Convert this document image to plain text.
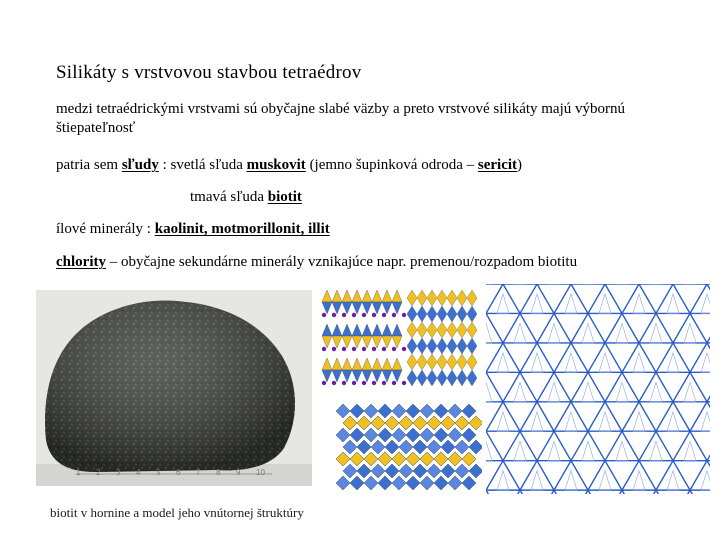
Silikáty s vrstvovou stavbou tetraédrov
medzi tetraédrickými vrstvami sú obyčajne slabé väzby a preto vrstvové silikáty majú výbornú štiepateľnosť
patria sem sľudy : svetlá sľuda muskovit (jemno šupinková odroda – sericit)
tmavá sľuda biotit
ílové minerály : kaolinit, motmorillonit, illit
chlority – obyčajne sekundárne minerály vznikajúce napr. premenou/rozpadom biotitu
1 2 3 4 5 6 7 8 9 10
biotit v hornine a model jeho vnútornej štruktúry
